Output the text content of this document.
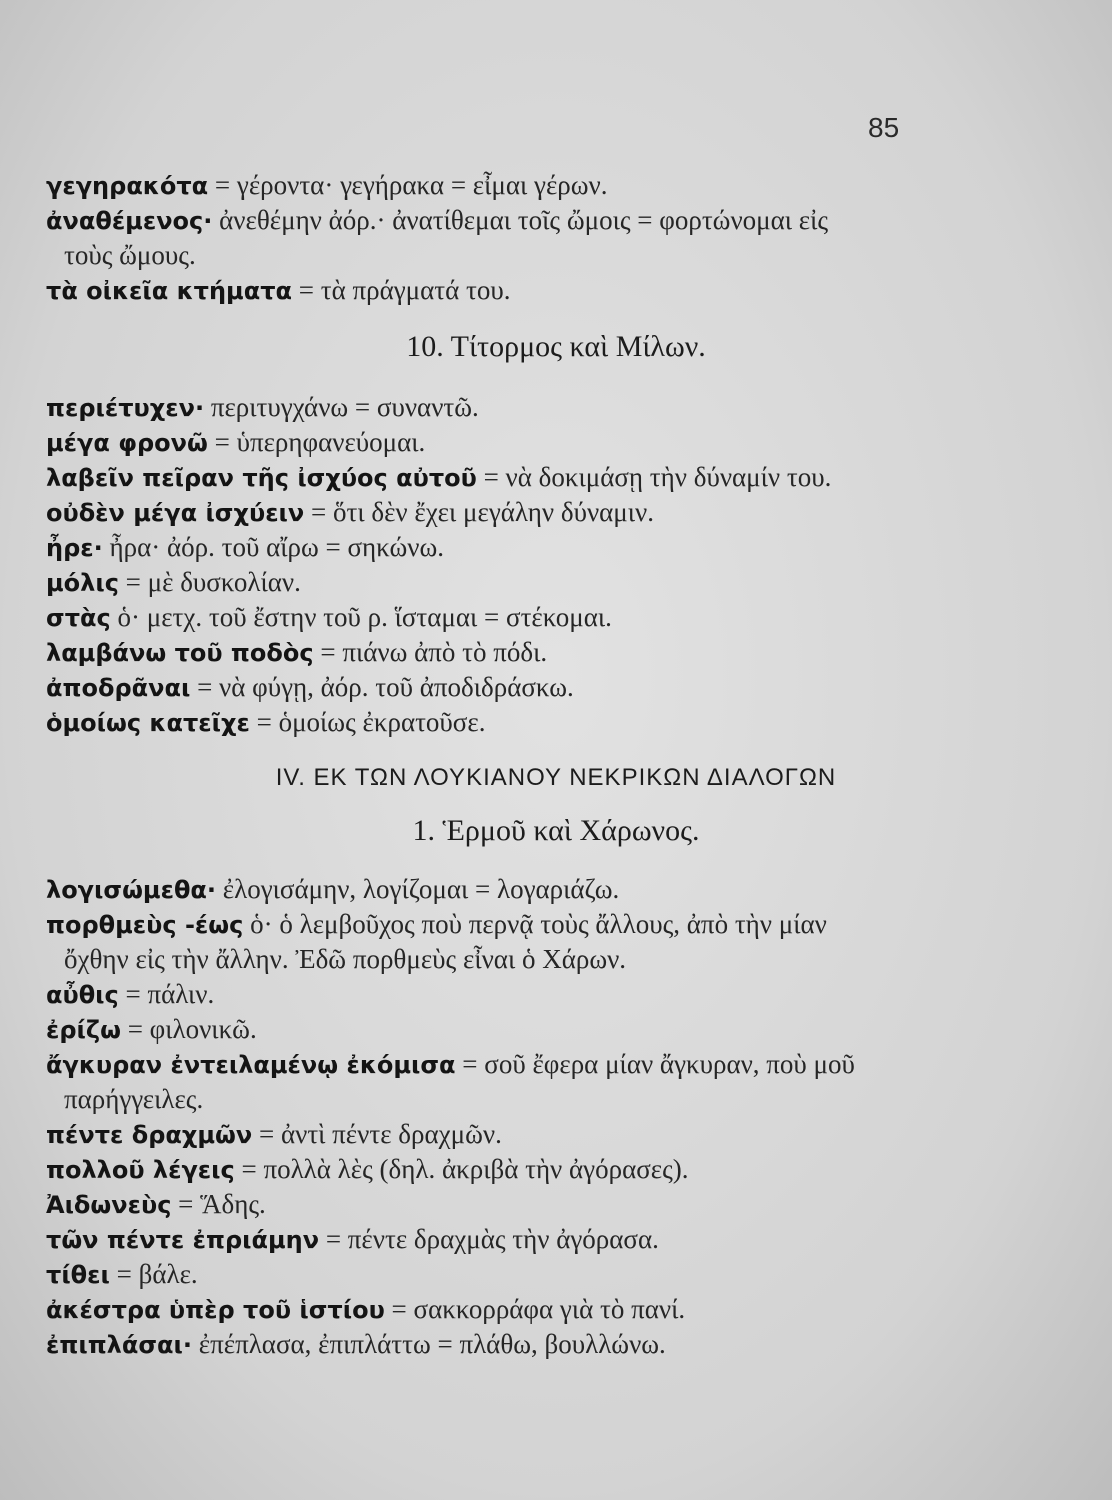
85
γεγηρακότα = γέροντα· γεγήρακα = εἶμαι γέρων.
ἀναθέμενος· ἀνεθέμην ἀόρ.· ἀνατίθεμαι τοῖς ὤμοις = φορτώνομαι εἰς
τοὺς ὤμους.
τὰ οἰκεῖα κτήματα = τὰ πράγματά του.
10. Τίτορμος καὶ Μίλων.
περιέτυχεν· περιτυγχάνω = συναντῶ.
μέγα φρονῶ = ὑπερηφανεύομαι.
λαβεῖν πεῖραν τῆς ἰσχύος αὐτοῦ = νὰ δοκιμάσῃ τὴν δύναμίν του.
οὐδὲν μέγα ἰσχύειν = ὅτι δὲν ἔχει μεγάλην δύναμιν.
ἦρε· ἦρα· ἀόρ. τοῦ αἴρω = σηκώνω.
μόλις = μὲ δυσκολίαν.
στὰς ὁ· μετχ. τοῦ ἔστην τοῦ ρ. ἵσταμαι = στέκομαι.
λαμβάνω τοῦ ποδὸς = πιάνω ἀπὸ τὸ πόδι.
ἀποδρᾶναι = νὰ φύγῃ, ἀόρ. τοῦ ἀποδιδράσκω.
ὁμοίως κατεῖχε = ὁμοίως ἐκρατοῦσε.
IV. ΕΚ ΤΩΝ ΛΟΥΚΙΑΝΟΥ ΝΕΚΡΙΚΩΝ ΔΙΑΛΟΓΩΝ
1. Ἑρμοῦ καὶ Χάρωνος.
λογισώμεθα· ἐλογισάμην, λογίζομαι = λογαριάζω.
πορθμεὺς -έως ὁ· ὁ λεμβοῦχος ποὺ περνᾷ τοὺς ἄλλους, ἀπὸ τὴν μίαν
ὄχθην εἰς τὴν ἄλλην. Ἐδῶ πορθμεὺς εἶναι ὁ Χάρων.
αὖθις = πάλιν.
ἐρίζω = φιλονικῶ.
ἄγκυραν ἐντειλαμένῳ ἐκόμισα = σοῦ ἔφερα μίαν ἄγκυραν, ποὺ μοῦ
παρήγγειλες.
πέντε δραχμῶν = ἀντὶ πέντε δραχμῶν.
πολλοῦ λέγεις = πολλὰ λὲς (δηλ. ἀκριβὰ τὴν ἀγόρασες).
Ἀιδωνεὺς = Ἅδης.
τῶν πέντε ἐπριάμην = πέντε δραχμὰς τὴν ἀγόρασα.
τίθει = βάλε.
ἀκέστρα ὑπὲρ τοῦ ἱστίου = σακκορράφα γιὰ τὸ πανί.
ἐπιπλάσαι· ἐπέπλασα, ἐπιπλάττω = πλάθω, βουλλώνω.
